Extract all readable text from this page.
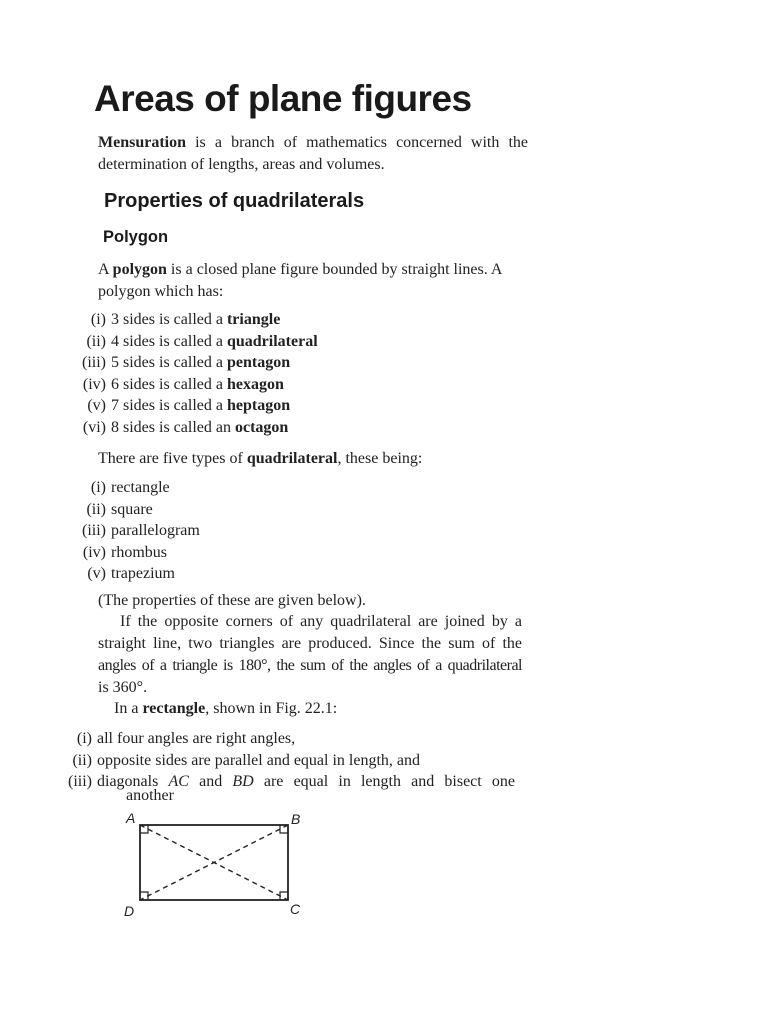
Areas of plane figures

Mensuration is a branch of mathematics concerned with the
determination of lengths, areas and volumes.

Properties of quadrilaterals
Polygon

A polygon is a closed plane figure bounded by straight lines. A
polygon which has:

(i) 3 sides is called a triangle
(ii) 4 sides is called a quadrilateral
(iii) 5 sides is called a pentagon
(iv) 6 sides is called a hexagon
(v) 7 sides is called a heptagon
(vi) 8 sides is called an octagon

There are five types of quadrilateral, these being:

(i) rectangle
(ii) square
(iii) parallelogram
(iv) rhombus
(v) trapezium

(The properties of these are given below).

If the opposite corners of any quadrilateral are joined by a
straight line, two triangles are produced. Since the sum of the
angles of a triangle is 180°, the sum of the angles of a quadrilateral
is 360°.

In a rectangle, shown in Fig. 22.1:

(i) all four angles are right angles,
(ii) opposite sides are parallel and equal in length, and
(iii) diagonals AC and BD are equal in length and bisect one

another

A	B
C
D
